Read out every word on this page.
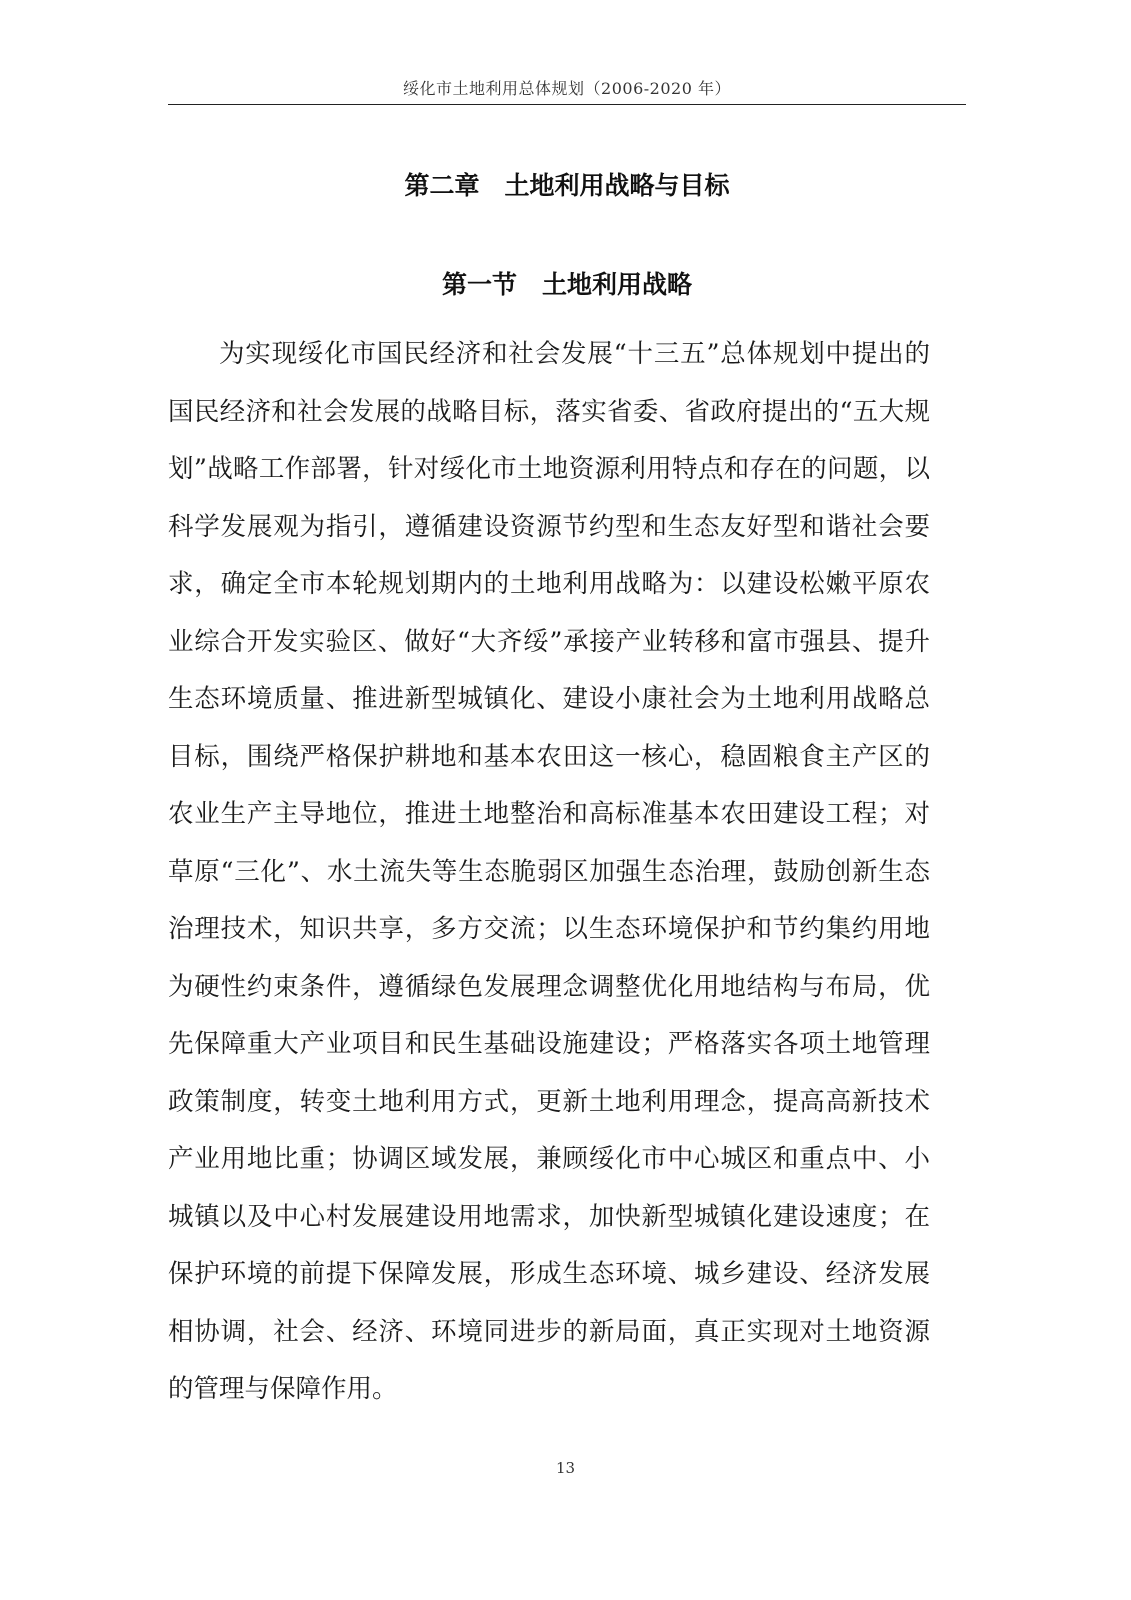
绥化市土地利用总体规划（2006-2020 年）
第二章　土地利用战略与目标
第一节　土地利用战略

为实现绥化市国民经济和社会发展“十三五”总体规划中提出的国民经济和社会发展的战略目标，落实省委、省政府提出的“五大规划”战略工作部署，针对绥化市土地资源利用特点和存在的问题，以科学发展观为指引，遵循建设资源节约型和生态友好型和谐社会要求，确定全市本轮规划期内的土地利用战略为：以建设松嫩平原农业综合开发实验区、做好“大齐绥”承接产业转移和富市强县、提升生态环境质量、推进新型城镇化、建设小康社会为土地利用战略总目标，围绕严格保护耕地和基本农田这一核心，稳固粮食主产区的农业生产主导地位，推进土地整治和高标准基本农田建设工程；对草原“三化”、水土流失等生态脆弱区加强生态治理，鼓励创新生态治理技术，知识共享，多方交流；以生态环境保护和节约集约用地为硬性约束条件，遵循绿色发展理念调整优化用地结构与布局，优先保障重大产业项目和民生基础设施建设；严格落实各项土地管理政策制度，转变土地利用方式，更新土地利用理念，提高高新技术产业用地比重；协调区域发展，兼顾绥化市中心城区和重点中、小城镇以及中心村发展建设用地需求，加快新型城镇化建设速度；在保护环境的前提下保障发展，形成生态环境、城乡建设、经济发展相协调，社会、经济、环境同进步的新局面，真正实现对土地资源的管理与保障作用。

13
